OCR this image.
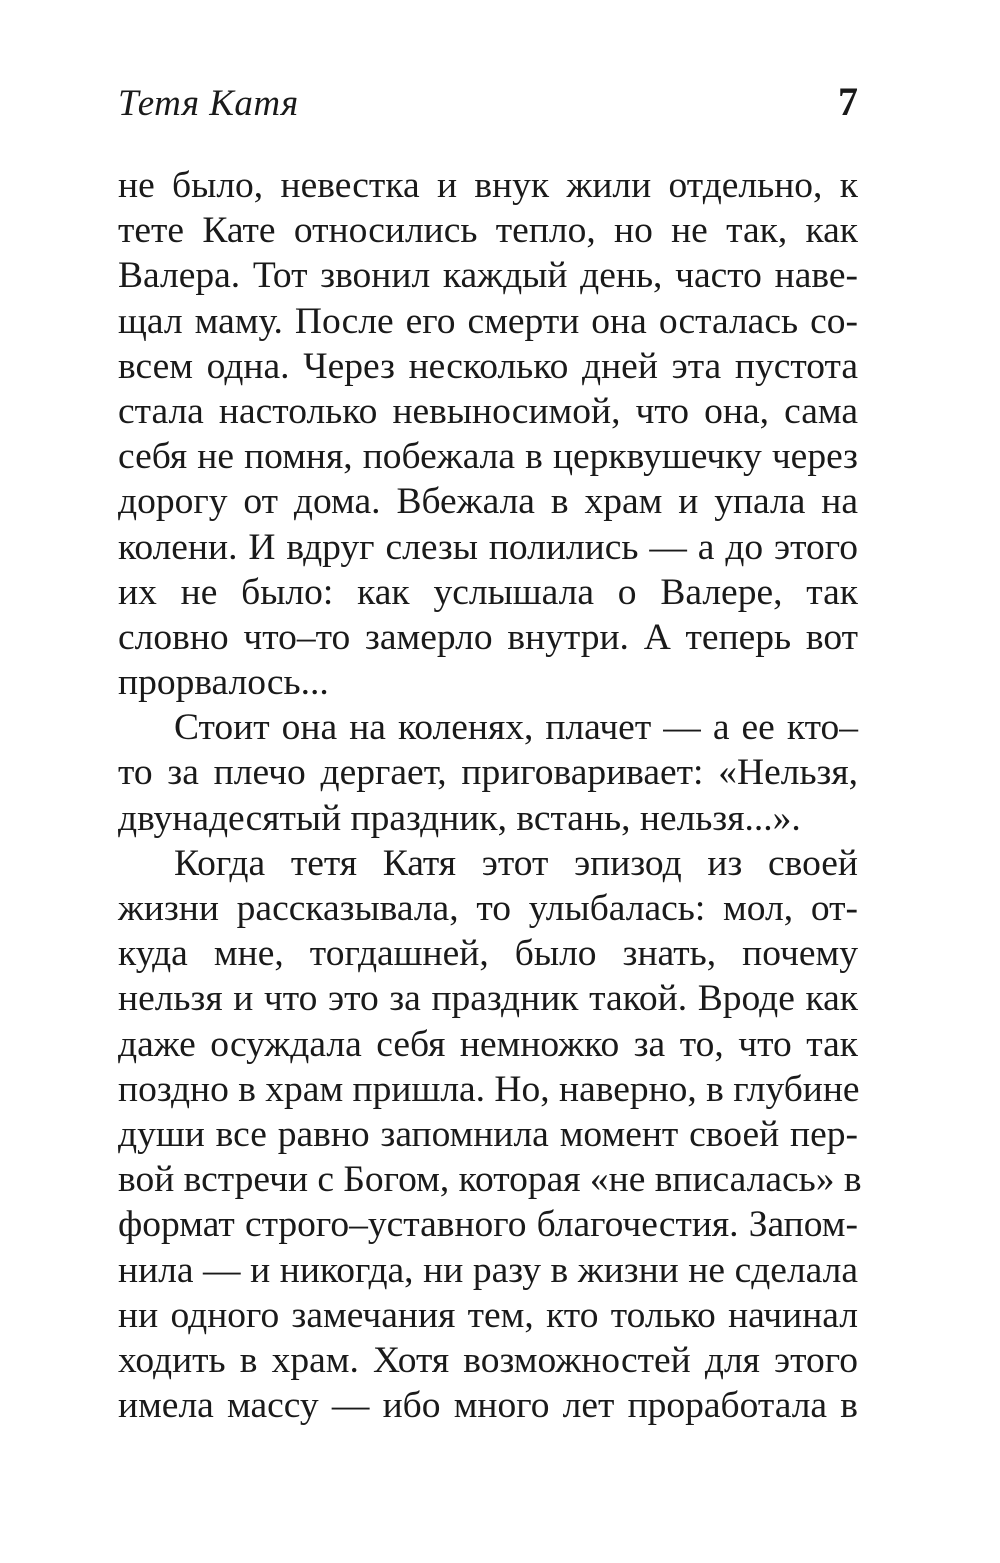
Тетя Катя	7
не было, невестка и внук жили отдельно, к
тете Кате относились тепло, но не так, как
Валера. Тот звонил каждый день, часто наве-
щал маму. После его смерти она осталась со-
всем одна. Через несколько дней эта пустота
стала настолько невыносимой, что она, сама
себя не помня, побежала в церквушечку через
дорогу от дома. Вбежала в храм и упала на
колени. И вдруг слезы полились — а до этого
их не было: как услышала о Валере, так
словно что–то замерло внутри. А теперь вот
прорвалось...
Стоит она на коленях, плачет — а ее кто–
то за плечо дергает, приговаривает: «Нельзя,
двунадесятый праздник, встань, нельзя...».
Когда тетя Катя этот эпизод из своей
жизни рассказывала, то улыбалась: мол, от-
куда мне, тогдашней, было знать, почему
нельзя и что это за праздник такой. Вроде как
даже осуждала себя немножко за то, что так
поздно в храм пришла. Но, наверно, в глубине
души все равно запомнила момент своей пер-
вой встречи с Богом, которая «не вписалась» в
формат строго–уставного благочестия. Запом-
нила — и никогда, ни разу в жизни не сделала
ни одного замечания тем, кто только начинал
ходить в храм. Хотя возможностей для этого
имела массу — ибо много лет проработала в
